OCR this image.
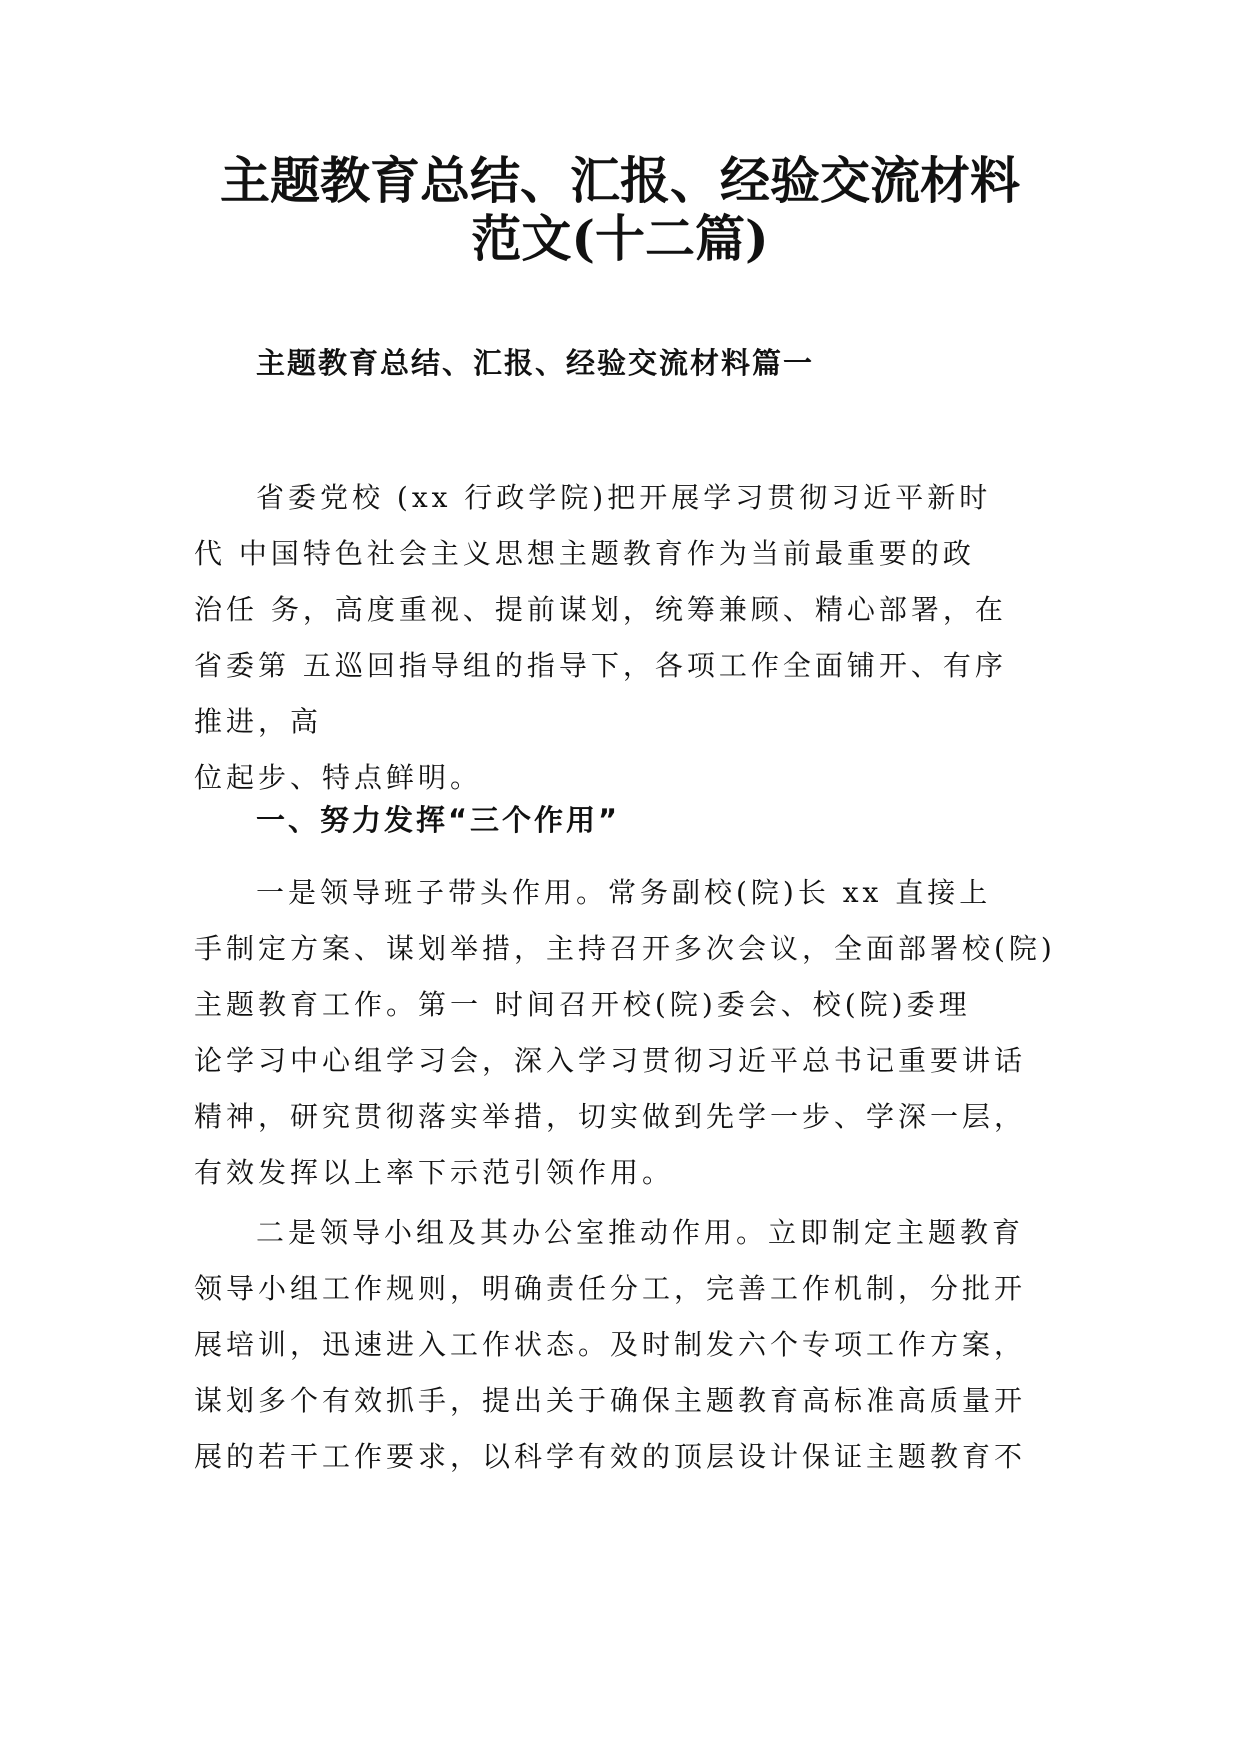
主题教育总结、汇报、经验交流材料
范文(十二篇)
主题教育总结、汇报、经验交流材料篇一
省委党校 (xx 行政学院)把开展学习贯彻习近平新时
代 中国特色社会主义思想主题教育作为当前最重要的政
治任 务，高度重视、提前谋划，统筹兼顾、精心部署，在
省委第 五巡回指导组的指导下，各项工作全面铺开、有序
推进，高
位起步、特点鲜明。
一、努力发挥“三个作用”
一是领导班子带头作用。常务副校(院)长 xx 直接上
手制定方案、谋划举措，主持召开多次会议，全面部署校(院)
主题教育工作。第一 时间召开校(院)委会、校(院)委理
论学习中心组学习会，深入学习贯彻习近平总书记重要讲话
精神，研究贯彻落实举措，切实做到先学一步、学深一层，
有效发挥以上率下示范引领作用。
二是领导小组及其办公室推动作用。立即制定主题教育
领导小组工作规则，明确责任分工，完善工作机制，分批开
展培训，迅速进入工作状态。及时制发六个专项工作方案，
谋划多个有效抓手，提出关于确保主题教育高标准高质量开
展的若干工作要求，以科学有效的顶层设计保证主题教育不
